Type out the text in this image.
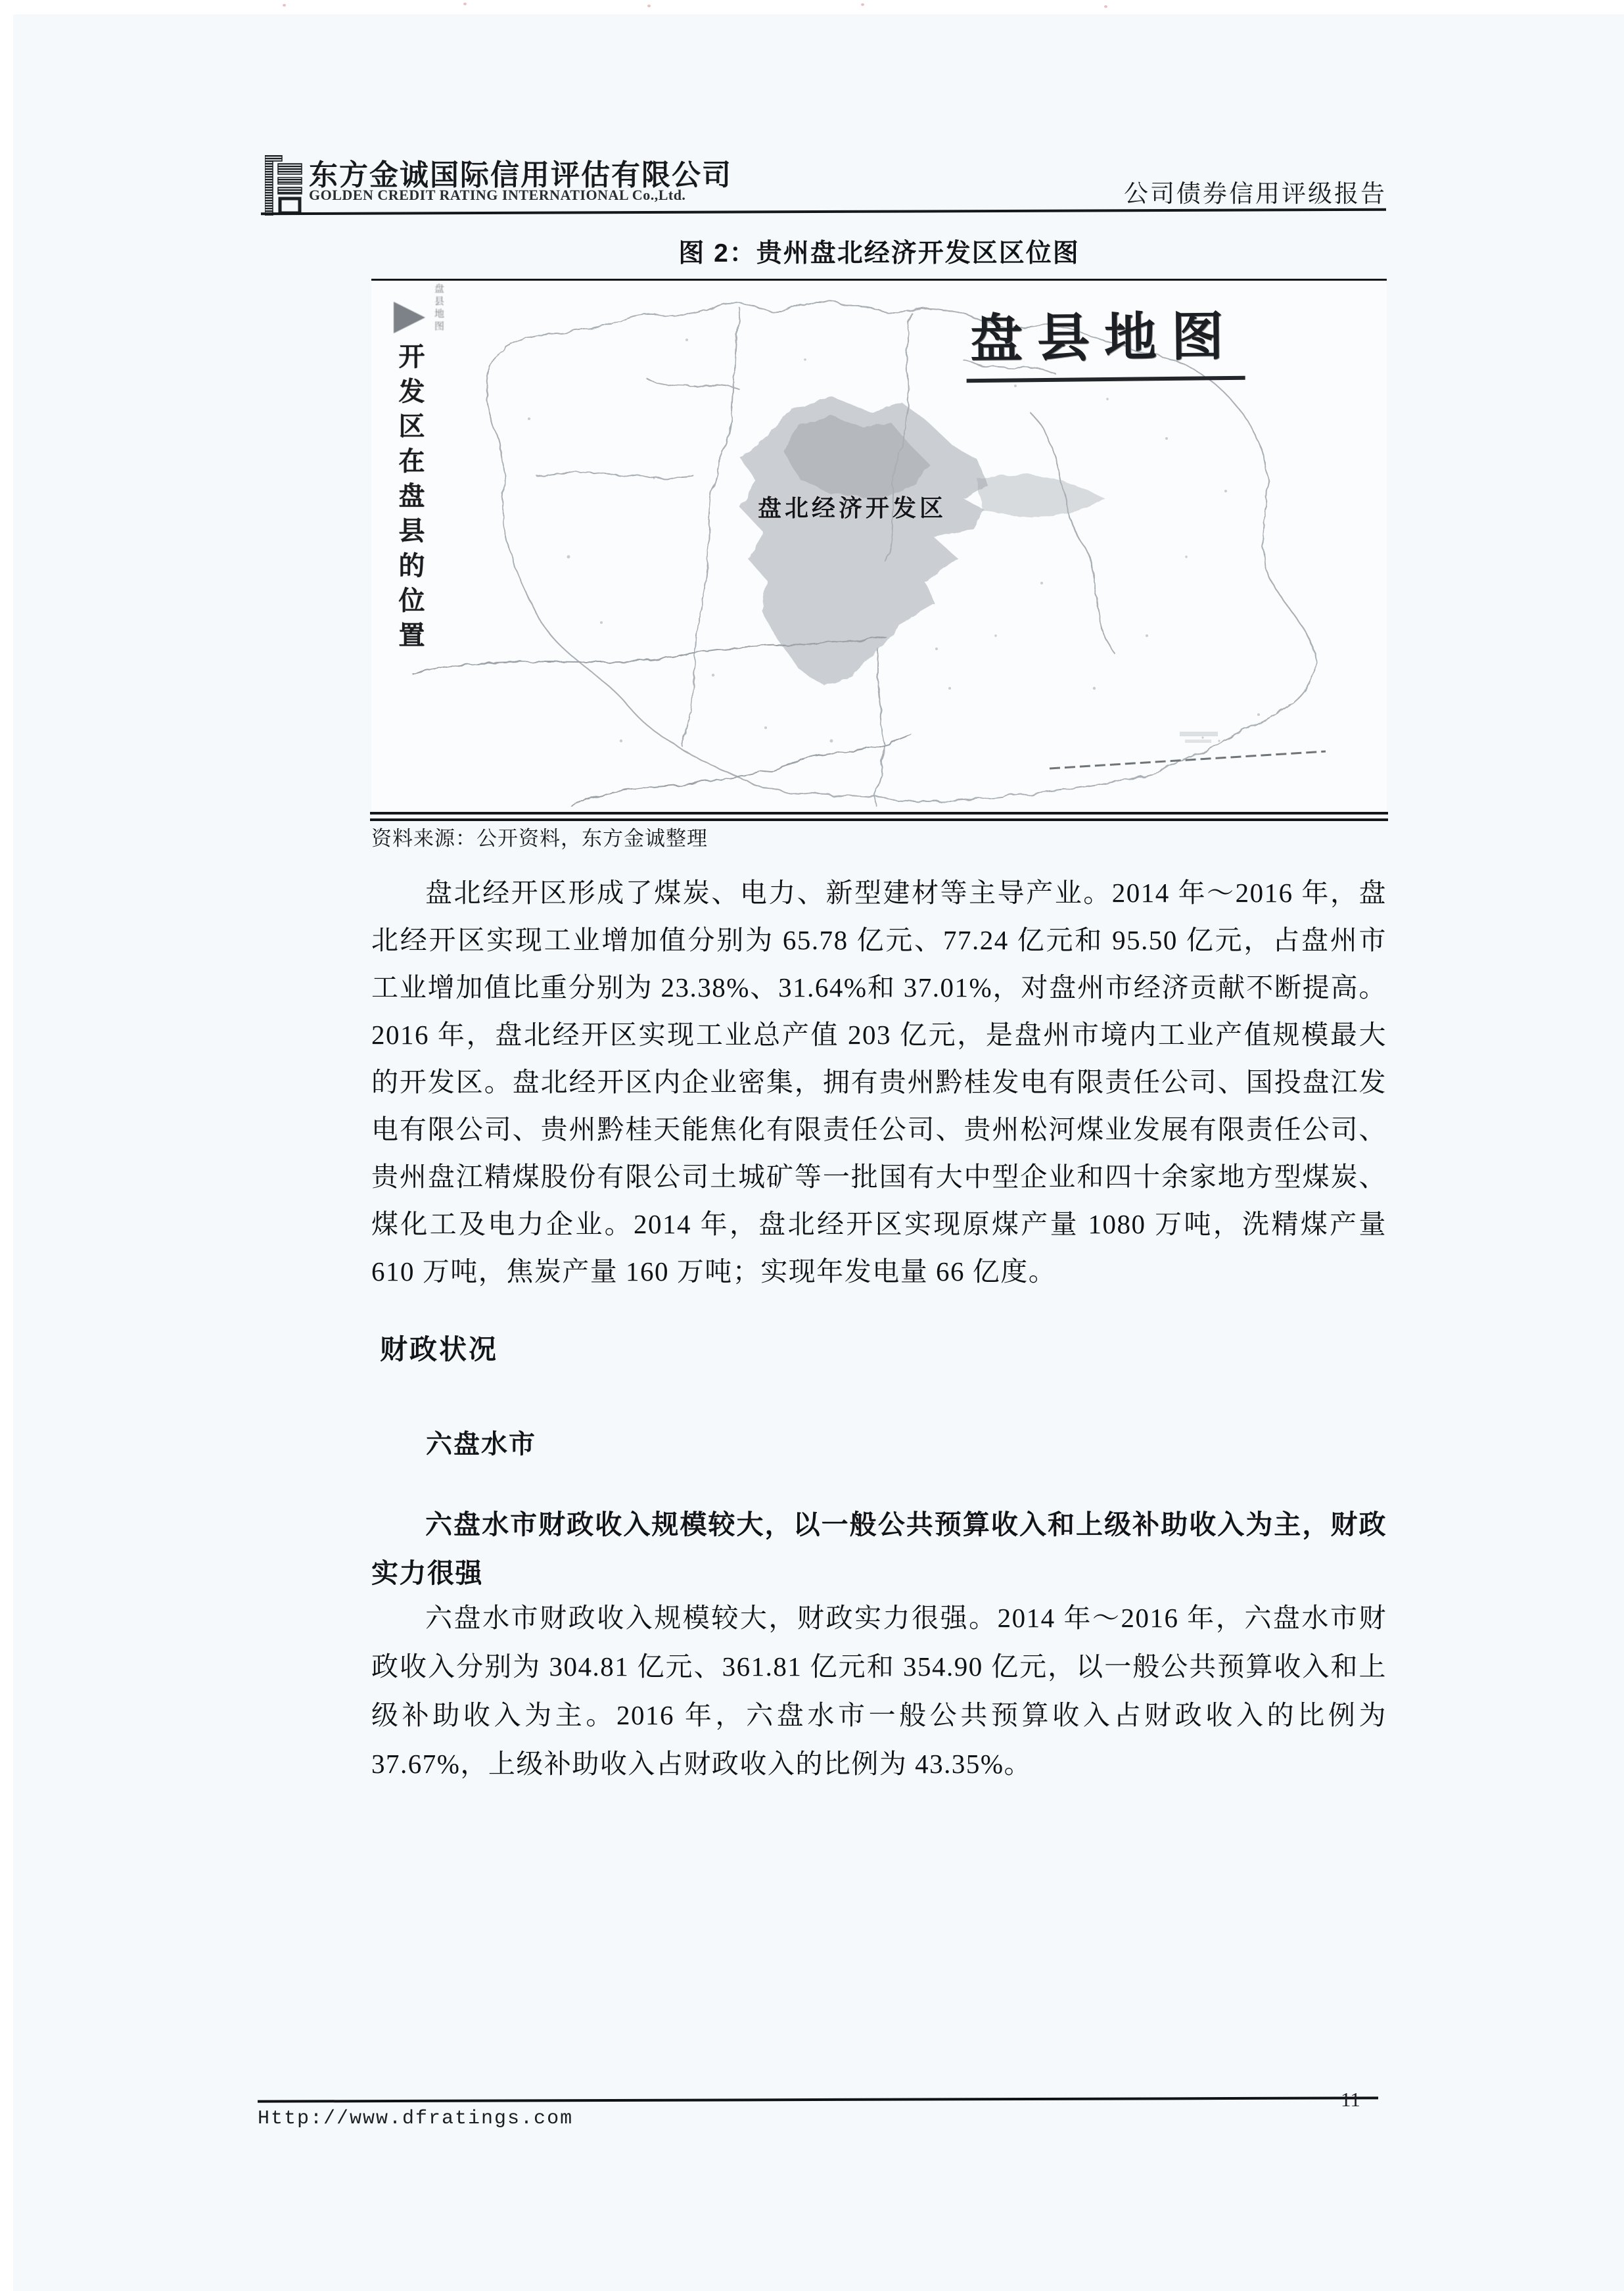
东方金诚国际信用评估有限公司
GOLDEN CREDIT RATING INTERNATIONAL Co.,Ltd.	公司债券信用评级报告
图 2：贵州盘北经济开发区区位图
盘县地图
盘县地图
开发区在盘县的位置	盘北经济开发区
资料来源：公开资料，东方金诚整理
盘北经开区形成了煤炭、电力、新型建材等主导产业。2014 年～2016 年，盘北经开区实现工业增加值分别为 65.78 亿元、77.24 亿元和 95.50 亿元，占盘州市工业增加值比重分别为 23.38%、31.64%和 37.01%，对盘州市经济贡献不断提高。2016 年，盘北经开区实现工业总产值 203 亿元，是盘州市境内工业产值规模最大的开发区。盘北经开区内企业密集，拥有贵州黔桂发电有限责任公司、国投盘江发电有限公司、贵州黔桂天能焦化有限责任公司、贵州松河煤业发展有限责任公司、贵州盘江精煤股份有限公司土城矿等一批国有大中型企业和四十余家地方型煤炭、煤化工及电力企业。2014 年，盘北经开区实现原煤产量 1080 万吨，洗精煤产量 610 万吨，焦炭产量 160 万吨；实现年发电量 66 亿度。
财政状况
六盘水市
六盘水市财政收入规模较大，以一般公共预算收入和上级补助收入为主，财政实力很强
六盘水市财政收入规模较大，财政实力很强。2014 年～2016 年，六盘水市财政收入分别为 304.81 亿元、361.81 亿元和 354.90 亿元，以一般公共预算收入和上级补助收入为主。2016 年，六盘水市一般公共预算收入占财政收入的比例为 37.67%，上级补助收入占财政收入的比例为 43.35%。
Http://www.dfratings.com
11
